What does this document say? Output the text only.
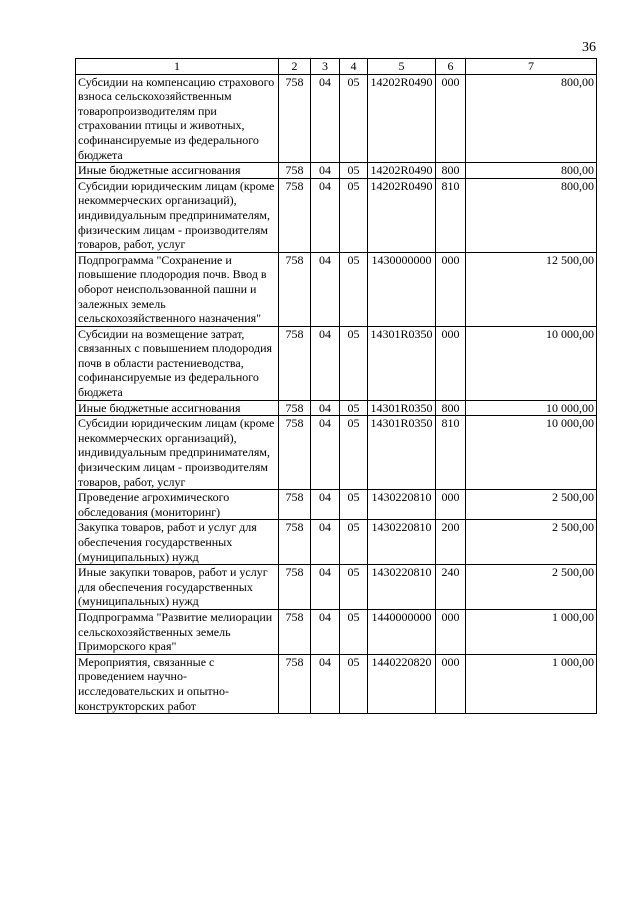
36
1	2	3	4	5	6	7
Субсидии на компенсацию страхового взноса сельскохозяйственным товаропроизводителям при страховании птицы и животных, софинансируемые из федерального бюджета	758	04	05	14202R0490	000	800,00
Иные бюджетные ассигнования	758	04	05	14202R0490	800	800,00
Субсидии юридическим лицам (кроме некоммерческих организаций), индивидуальным предпринимателям, физическим лицам - производителям товаров, работ, услуг	758	04	05	14202R0490	810	800,00
Подпрограмма "Сохранение и повышение плодородия почв. Ввод в оборот неиспользованной пашни и залежных земель сельскохозяйственного назначения"	758	04	05	1430000000	000	12 500,00
Субсидии на возмещение затрат, связанных с повышением плодородия почв в области растениеводства, софинансируемые из федерального бюджета	758	04	05	14301R0350	000	10 000,00
Иные бюджетные ассигнования	758	04	05	14301R0350	800	10 000,00
Субсидии юридическим лицам (кроме некоммерческих организаций), индивидуальным предпринимателям, физическим лицам - производителям товаров, работ, услуг	758	04	05	14301R0350	810	10 000,00
Проведение агрохимического обследования (мониторинг)	758	04	05	1430220810	000	2 500,00
Закупка товаров, работ и услуг для обеспечения государственных (муниципальных) нужд	758	04	05	1430220810	200	2 500,00
Иные закупки товаров, работ и услуг для обеспечения государственных (муниципальных) нужд	758	04	05	1430220810	240	2 500,00
Подпрограмма "Развитие мелиорации сельскохозяйственных земель Приморского края"	758	04	05	1440000000	000	1 000,00
Мероприятия, связанные с проведением научно-исследовательских и опытно-конструкторских работ	758	04	05	1440220820	000	1 000,00
